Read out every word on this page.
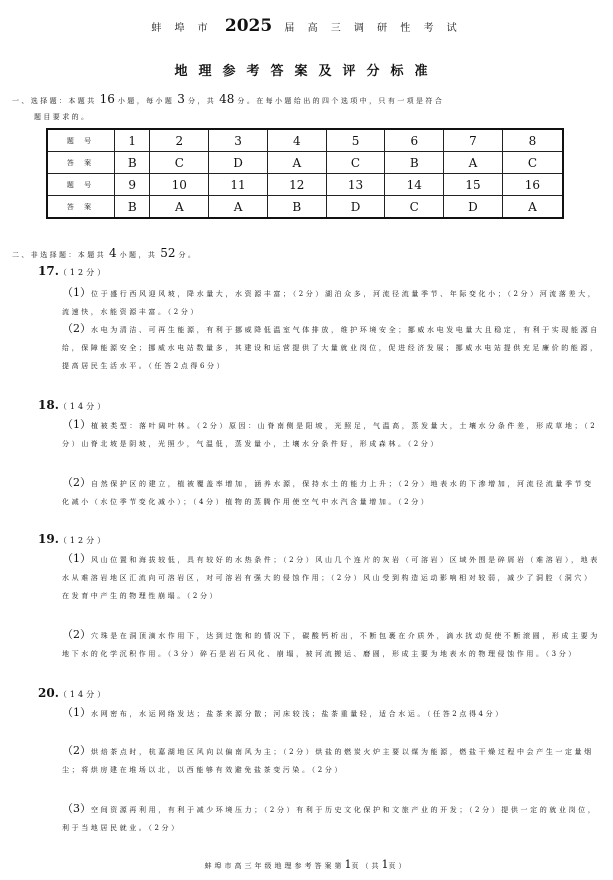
蚌 埠 市 2025 届 高 三 调 研 性 考 试
地理参考答案及评分标准
一、选择题：本题共 16 小题，每小题 3 分，共 48 分。在每小题给出的四个选项中，只有一项是符合
题目要求的。
题 号	1	2	3	4	5	6	7	8
答 案	B	C	D	A	C	B	A	C
题 号	9	10	11	12	13	14	15	16
答 案	B	A	A	B	D	C	D	A
二、非选择题：本题共 4 小题，共 52 分。
17.（12分）
（1）位于盛行西风迎风坡，降水量大，水资源丰富；（2分）湖泊众多，河流径流量季节、年际变化小；（2分）河流落差大，流速快，水能资源丰富。（2分）
（2）水电为清洁、可再生能源，有利于挪威降低温室气体排放，维护环境安全；挪威水电发电量大且稳定，有利于实现能源自给，保障能源安全；挪威水电站数量多，其建设和运营提供了大量就业岗位，促进经济发展；挪威水电站提供充足廉价的能源，提高居民生活水平。（任答2点得6分）
18.（14分）
（1）植被类型：落叶阔叶林。（2分）原因：山脊南侧是阳坡，光照足，气温高，蒸发量大，土壤水分条件差，形成草地；（2分）山脊北坡是阴坡，光照少，气温低，蒸发量小，土壤水分条件好，形成森林。（2分）
（2）自然保护区的建立，植被覆盖率增加，涵养水源，保持水土的能力上升；（2分）地表水的下渗增加，河流径流量季节变化减小（水位季节变化减小）；（4分）植物的蒸腾作用使空气中水汽含量增加。（2分）
19.（12分）
（1）风山位置和海拔较低，具有较好的水热条件；（2分）风山几个连片的灰岩（可溶岩）区域外围是碎屑岩（难溶岩），地表水从难溶岩地区汇流向可溶岩区，对可溶岩有强大的侵蚀作用；（2分）风山受到构造运动影响相对较弱，减少了洞腔（洞穴）在发育中产生的物理性崩塌。（2分）
（2）穴珠是在洞顶滴水作用下，达到过饱和的情况下，碳酸钙析出，不断包裹在介质外，滴水扰动促使不断滚圆，形成主要为地下水的化学沉积作用。（3分）碎石是岩石风化、崩塌，被河流搬运、磨圆，形成主要为地表水的物理侵蚀作用。（3分）
20.（14分）
（1）水网密布，水运网络发达；盐茶来源分散；河床较浅；盐茶重量轻，适合水运。（任答2点得4分）
（2）烘焙茶点时，杭嘉湖地区风向以偏南风为主；（2分）烘盐的燃炭火炉主要以煤为能源，燃盐干燥过程中会产生一定量烟尘；将烘房建在堆场以北，以西能够有效避免盐茶变污染。（2分）
（3）空间资源再利用，有利于减少环境压力；（2分）有利于历史文化保护和文旅产业的开发；（2分）提供一定的就业岗位，利于当地居民就业。（2分）
蚌埠市高三年级地理参考答案第1页（共1页）
